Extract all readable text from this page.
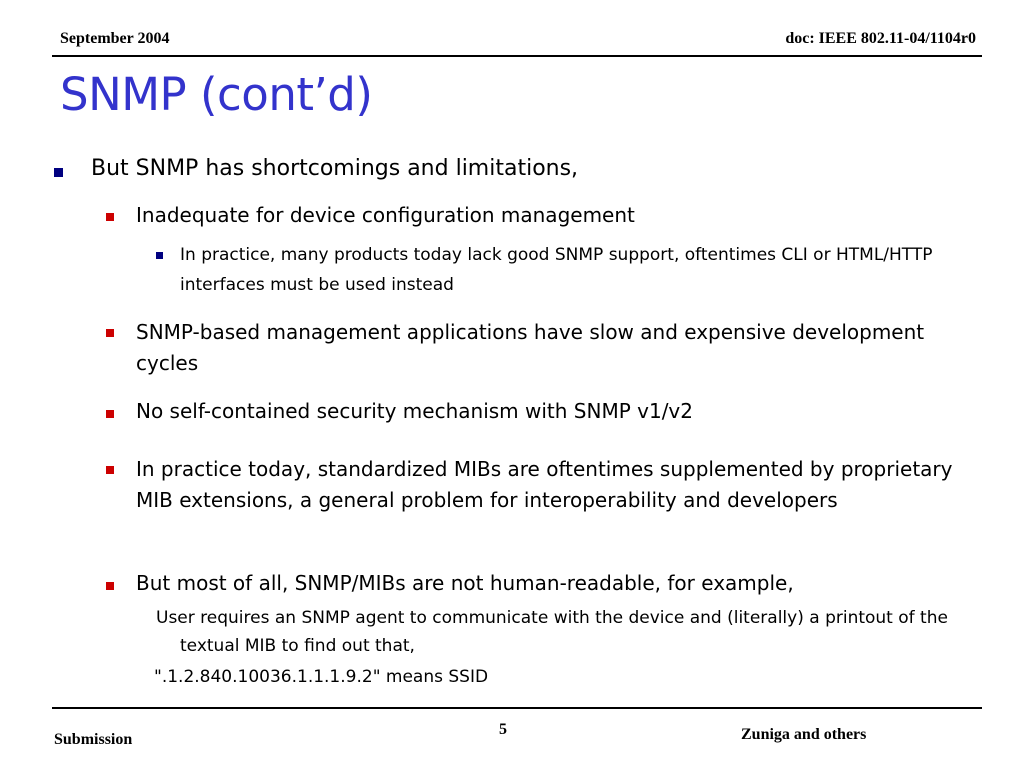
September 2004	doc: IEEE 802.11-04/1104r0
SNMP (cont’d)
But SNMP has shortcomings and limitations,
Inadequate for device configuration management
In practice, many products today lack good SNMP support, oftentimes CLI or HTML/HTTP interfaces must be used instead
SNMP-based management applications have slow and expensive development cycles
No self-contained security mechanism with SNMP v1/v2
In practice today, standardized MIBs are oftentimes supplemented by proprietary MIB extensions, a general problem for interoperability and developers
But most of all, SNMP/MIBs are not human-readable, for example,
User requires an SNMP agent to communicate with the device and (literally) a printout of the textual MIB to find out that,
".1.2.840.10036.1.1.1.9.2" means SSID
Submission
5	Zuniga and others
